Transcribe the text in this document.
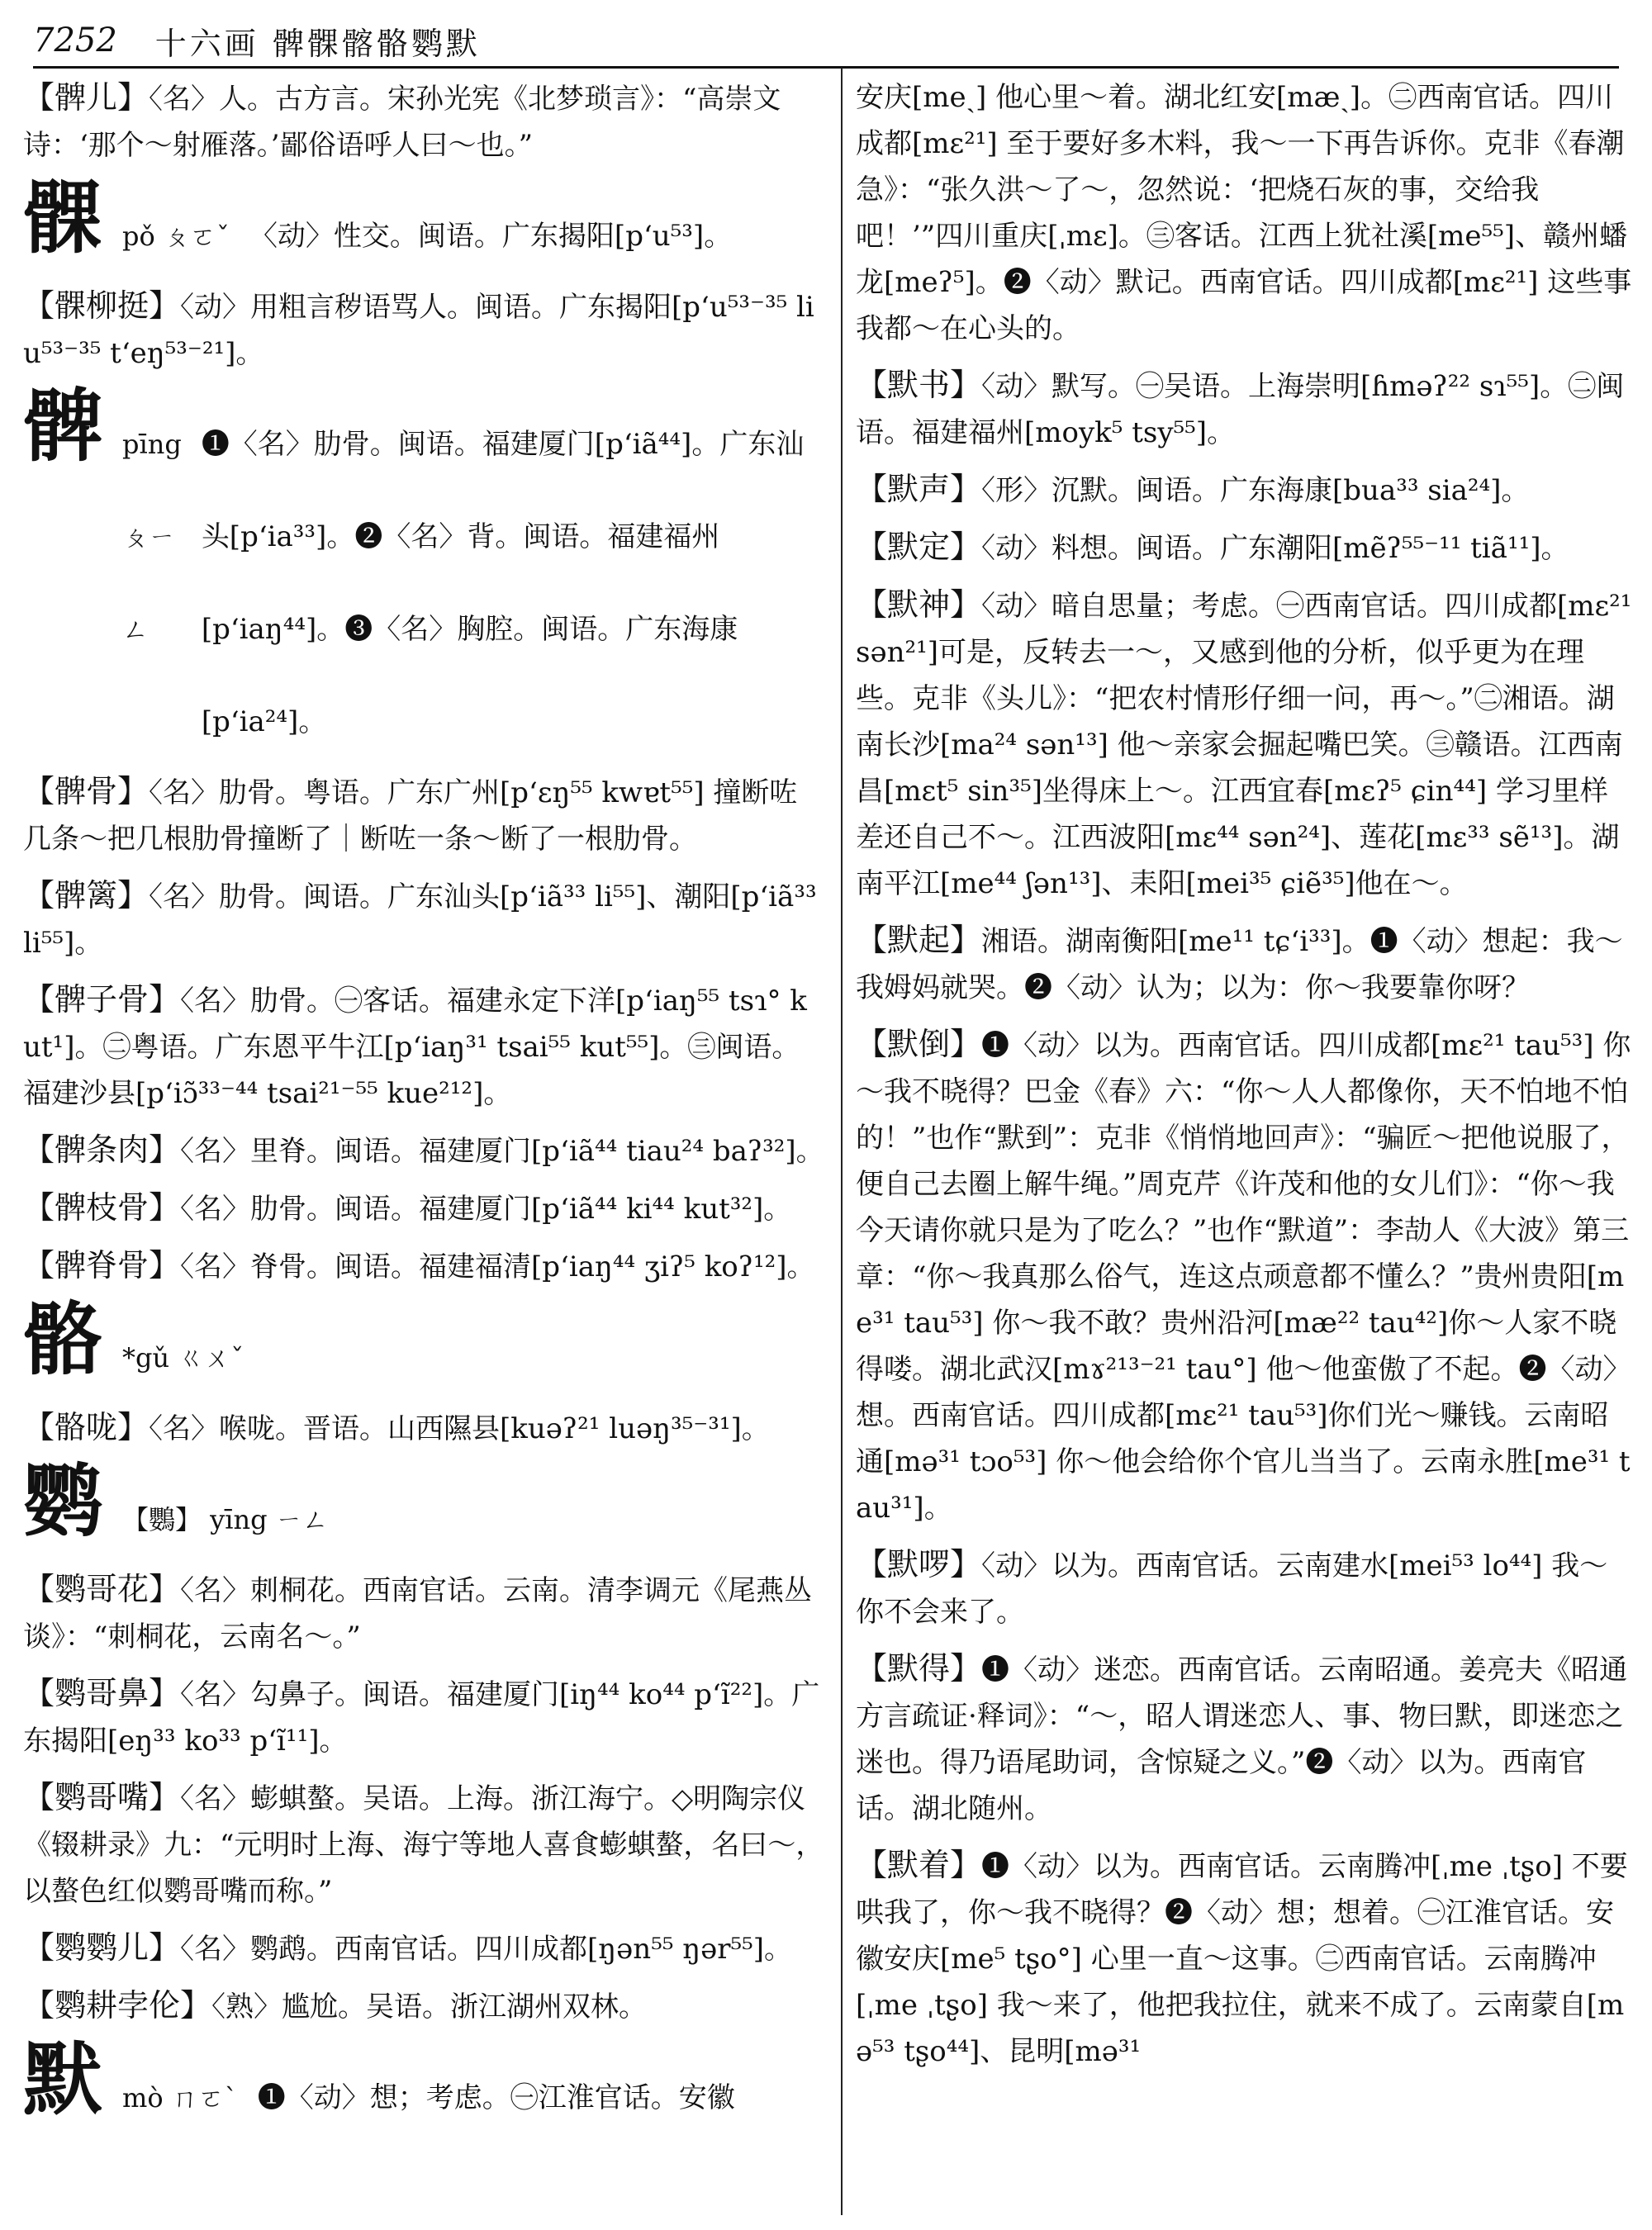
7252 十六画 髀髁髂骼鹦默
【髀儿】〈名〉人。古方言。宋孙光宪《北梦琐言》：“高崇文诗：‘那个～射雁落。’鄙俗语呼人曰～也。”
髁 pǒ ㄆㄛˇ 〈动〉性交。闽语。广东揭阳[p‘u⁵³]。
【髁柳挺】〈动〉用粗言秽语骂人。闽语。广东揭阳[p‘u⁵³⁻³⁵ liu⁵³⁻³⁵ t‘eŋ⁵³⁻²¹]。
髀 pīng ㄆㄧㄥ
❶〈名〉肋骨。闽语。福建厦门[p‘iã⁴⁴]。广东汕头[p‘ia³³]。❷〈名〉背。闽语。福建福州[p‘iaŋ⁴⁴]。❸〈名〉胸腔。闽语。广东海康[p‘ia²⁴]。
【髀骨】〈名〉肋骨。粤语。广东广州[p‘ɛŋ⁵⁵ kwɐt⁵⁵] 撞断咗几条～把几根肋骨撞断了｜断咗一条～断了一根肋骨。
【髀篱】〈名〉肋骨。闽语。广东汕头[p‘iã³³ li⁵⁵]、潮阳[p‘iã³³ li⁵⁵]。
【髀子骨】〈名〉肋骨。㊀客话。福建永定下洋[p‘iaŋ⁵⁵ tsɿ° kut¹]。㊁粤语。广东恩平牛江[p‘iaŋ³¹ tsai⁵⁵ kut⁵⁵]。㊂闽语。福建沙县[p‘iɔ̃³³⁻⁴⁴ tsai²¹⁻⁵⁵ kue²¹²]。
【髀条肉】〈名〉里脊。闽语。福建厦门[p‘iã⁴⁴ tiau²⁴ baʔ³²]。
【髀枝骨】〈名〉肋骨。闽语。福建厦门[p‘iã⁴⁴ ki⁴⁴ kut³²]。
【髀脊骨】〈名〉脊骨。闽语。福建福清[p‘iaŋ⁴⁴ ʒiʔ⁵ koʔ¹²]。
骼 *gǔ ㄍㄨˇ
【骼咙】〈名〉喉咙。晋语。山西隰县[kuəʔ²¹ luəŋ³⁵⁻³¹]。
鹦 【鸚】 yīng ㄧㄥ
【鹦哥花】〈名〉刺桐花。西南官话。云南。清李调元《尾燕丛谈》：“刺桐花，云南名～。”
【鹦哥鼻】〈名〉勾鼻子。闽语。福建厦门[iŋ⁴⁴ ko⁴⁴ p‘ĩ²²]。广东揭阳[eŋ³³ ko³³ p‘ĩ¹¹]。
【鹦哥嘴】〈名〉蟛蜞螯。吴语。上海。浙江海宁。◇明陶宗仪《辍耕录》九：“元明时上海、海宁等地人喜食蟛蜞螯，名曰～，以螯色红似鹦哥嘴而称。”
【鹦鹦儿】〈名〉鹦鹉。西南官话。四川成都[ŋən⁵⁵ ŋər⁵⁵]。
【鹦耕孛伦】〈熟〉尴尬。吴语。浙江湖州双林。
默 mò ㄇㄛˋ ❶〈动〉想；考虑。㊀江淮官话。安徽
安庆[meˎ] 他心里～着。湖北红安[mæˎ]。㊁西南官话。四川成都[mɛ²¹] 至于要好多木料，我～一下再告诉你。克非《春潮急》：“张久洪～了～，忽然说：‘把烧石灰的事，交给我吧！’”四川重庆[ˌmɛ]。㊂客话。江西上犹社溪[me⁵⁵]、赣州蟠龙[meʔ⁵]。❷〈动〉默记。西南官话。四川成都[mɛ²¹] 这些事我都～在心头的。
【默书】〈动〉默写。㊀吴语。上海崇明[ɦməʔ²² sɿ⁵⁵]。㊁闽语。福建福州[moyk⁵ tsy⁵⁵]。
【默声】〈形〉沉默。闽语。广东海康[bua³³ sia²⁴]。
【默定】〈动〉料想。闽语。广东潮阳[mẽʔ⁵⁵⁻¹¹ tiã¹¹]。
【默神】〈动〉暗自思量；考虑。㊀西南官话。四川成都[mɛ²¹ sən²¹]可是，反转去一～，又感到他的分析，似乎更为在理些。克非《头儿》：“把农村情形仔细一问，再～。”㊁湘语。湖南长沙[ma²⁴ sən¹³] 他～亲家会掘起嘴巴笑。㊂赣语。江西南昌[mɛt⁵ sin³⁵]坐得床上～。江西宜春[mɛʔ⁵ ɕin⁴⁴] 学习里样差还自己不～。江西波阳[mɛ⁴⁴ sən²⁴]、莲花[mɛ³³ sẽ¹³]。湖南平江[me⁴⁴ ʃən¹³]、耒阳[mei³⁵ ɕiẽ³⁵]他在～。
【默起】湘语。湖南衡阳[me¹¹ tɕ‘i³³]。❶〈动〉想起：我～我姆妈就哭。❷〈动〉认为；以为：你～我要靠你呀？
【默倒】❶〈动〉以为。西南官话。四川成都[mɛ²¹ tau⁵³] 你～我不晓得？巴金《春》六：“你～人人都像你，天不怕地不怕的！”也作“默到”：克非《悄悄地回声》：“骗匠～把他说服了，便自己去圈上解牛绳。”周克芹《许茂和他的女儿们》：“你～我今天请你就只是为了吃么？”也作“默道”：李劼人《大波》第三章：“你～我真那么俗气，连这点顽意都不懂么？”贵州贵阳[me³¹ tau⁵³] 你～我不敢？贵州沿河[mæ²² tau⁴²]你～人家不晓得喽。湖北武汉[mɤ²¹³⁻²¹ tau°] 他～他蛮傲了不起。❷〈动〉想。西南官话。四川成都[mɛ²¹ tau⁵³]你们光～赚钱。云南昭通[mə³¹ tɔo⁵³] 你～他会给你个官儿当当了。云南永胜[me³¹ tau³¹]。
【默啰】〈动〉以为。西南官话。云南建水[mei⁵³ lo⁴⁴] 我～你不会来了。
【默得】❶〈动〉迷恋。西南官话。云南昭通。姜亮夫《昭通方言疏证·释词》：“～，昭人谓迷恋人、事、物曰默，即迷恋之迷也。得乃语尾助词，含惊疑之义。”❷〈动〉以为。西南官话。湖北随州。
【默着】❶〈动〉以为。西南官话。云南腾冲[ˌme ˌtʂo] 不要哄我了，你～我不晓得？❷〈动〉想；想着。㊀江淮官话。安徽安庆[me⁵ tʂo°] 心里一直～这事。㊁西南官话。云南腾冲[ˌme ˌtʂo] 我～来了，他把我拉住，就来不成了。云南蒙自[mə⁵³ tʂo⁴⁴]、昆明[mə³¹
